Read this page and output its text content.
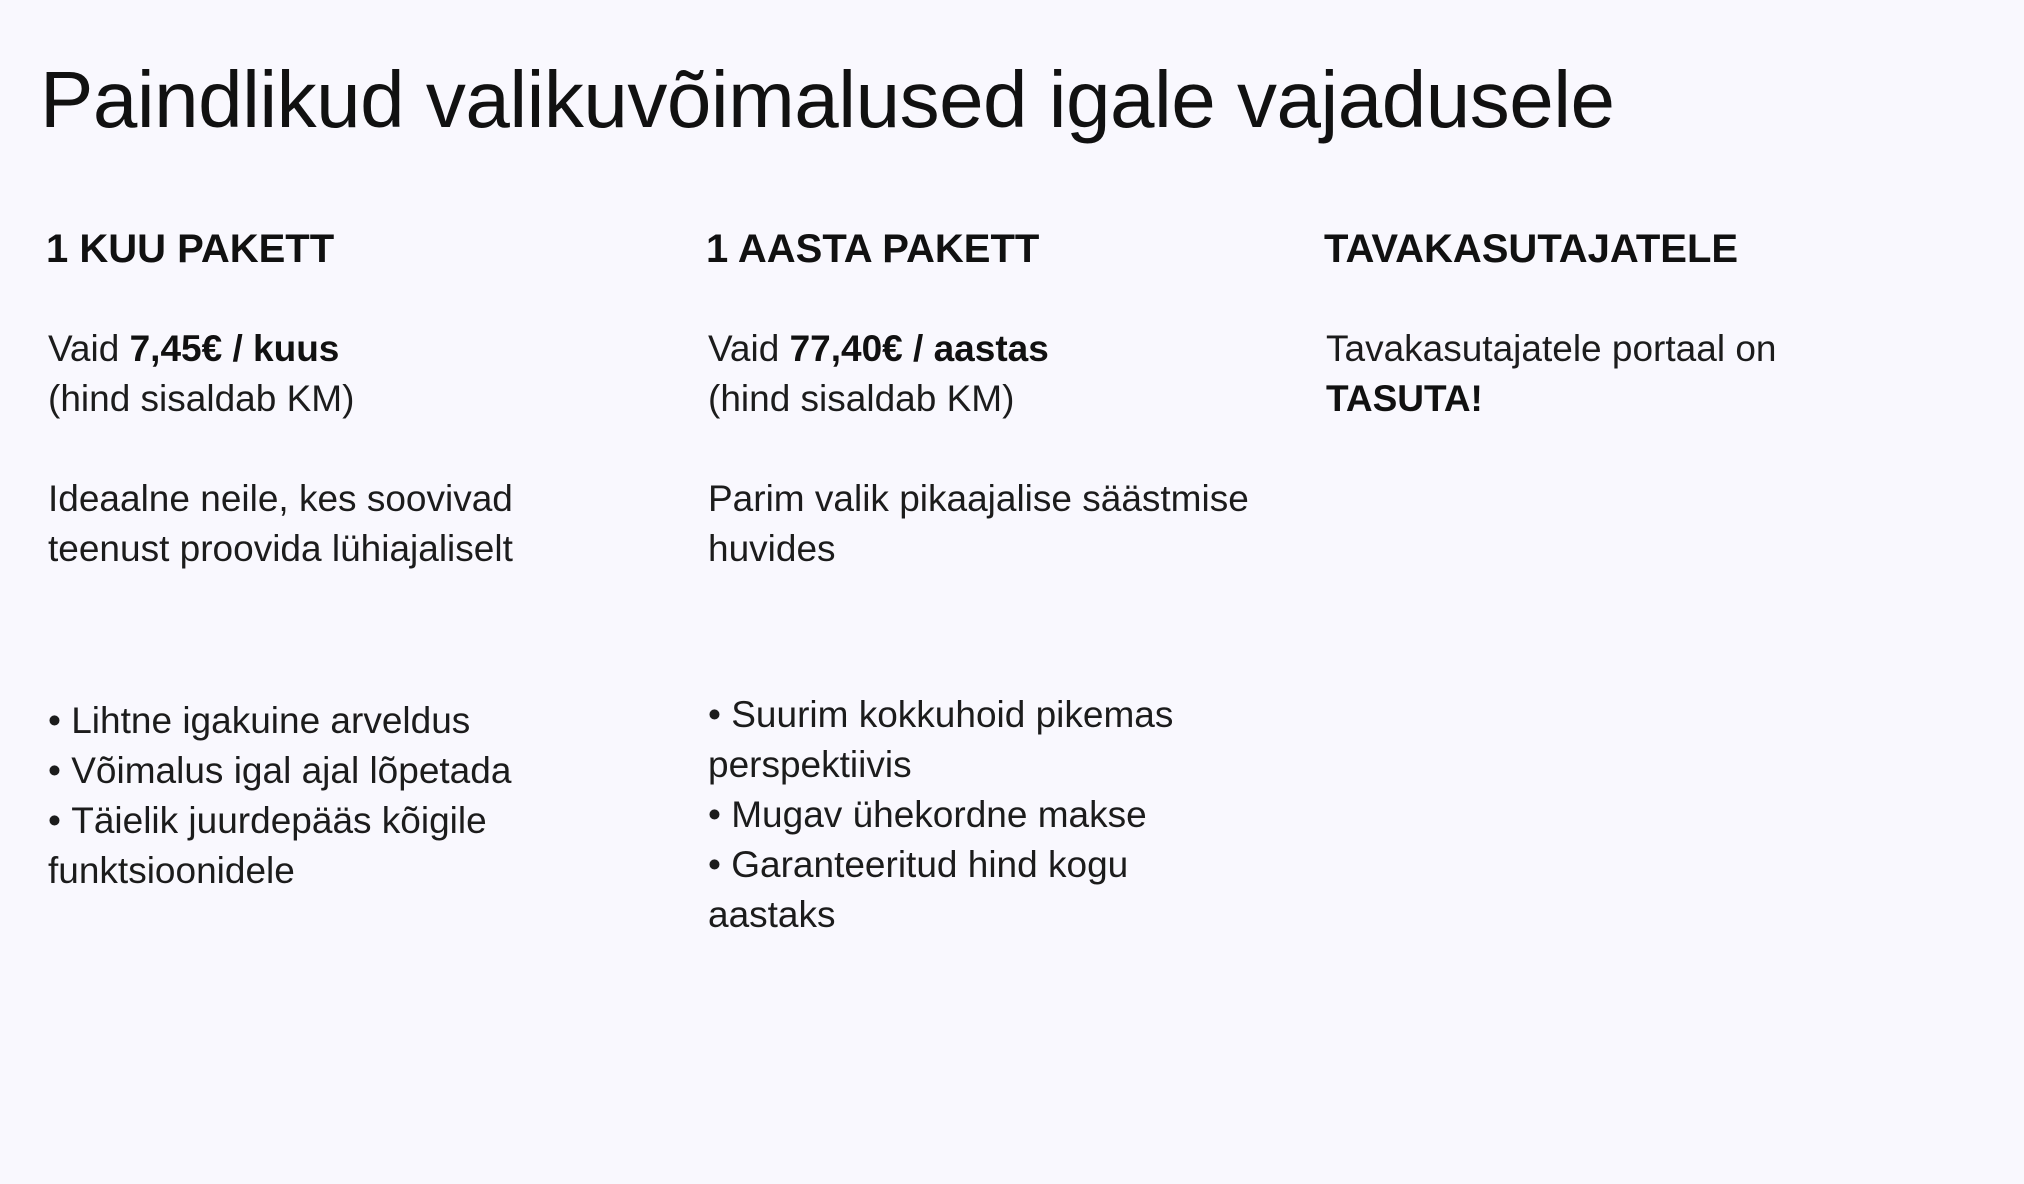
Paindlikud valikuvõimalused igale vajadusele
1 KUU PAKETT
Vaid 7,45€ / kuus
(hind sisaldab KM)
Ideaalne neile, kes soovivad
teenust proovida lühiajaliselt
• Lihtne igakuine arveldus
• Võimalus igal ajal lõpetada
• Täielik juurdepääs kõigile funktsioonidele
1 AASTA PAKETT
Vaid 77,40€ / aastas
(hind sisaldab KM)
Parim valik pikaajalise säästmise
huvides
• Suurim kokkuhoid pikemas perspektiivis
• Mugav ühekordne makse
• Garanteeritud hind kogu aastaks
TAVAKASUTAJATELE
Tavakasutajatele portaal on
TASUTA!
